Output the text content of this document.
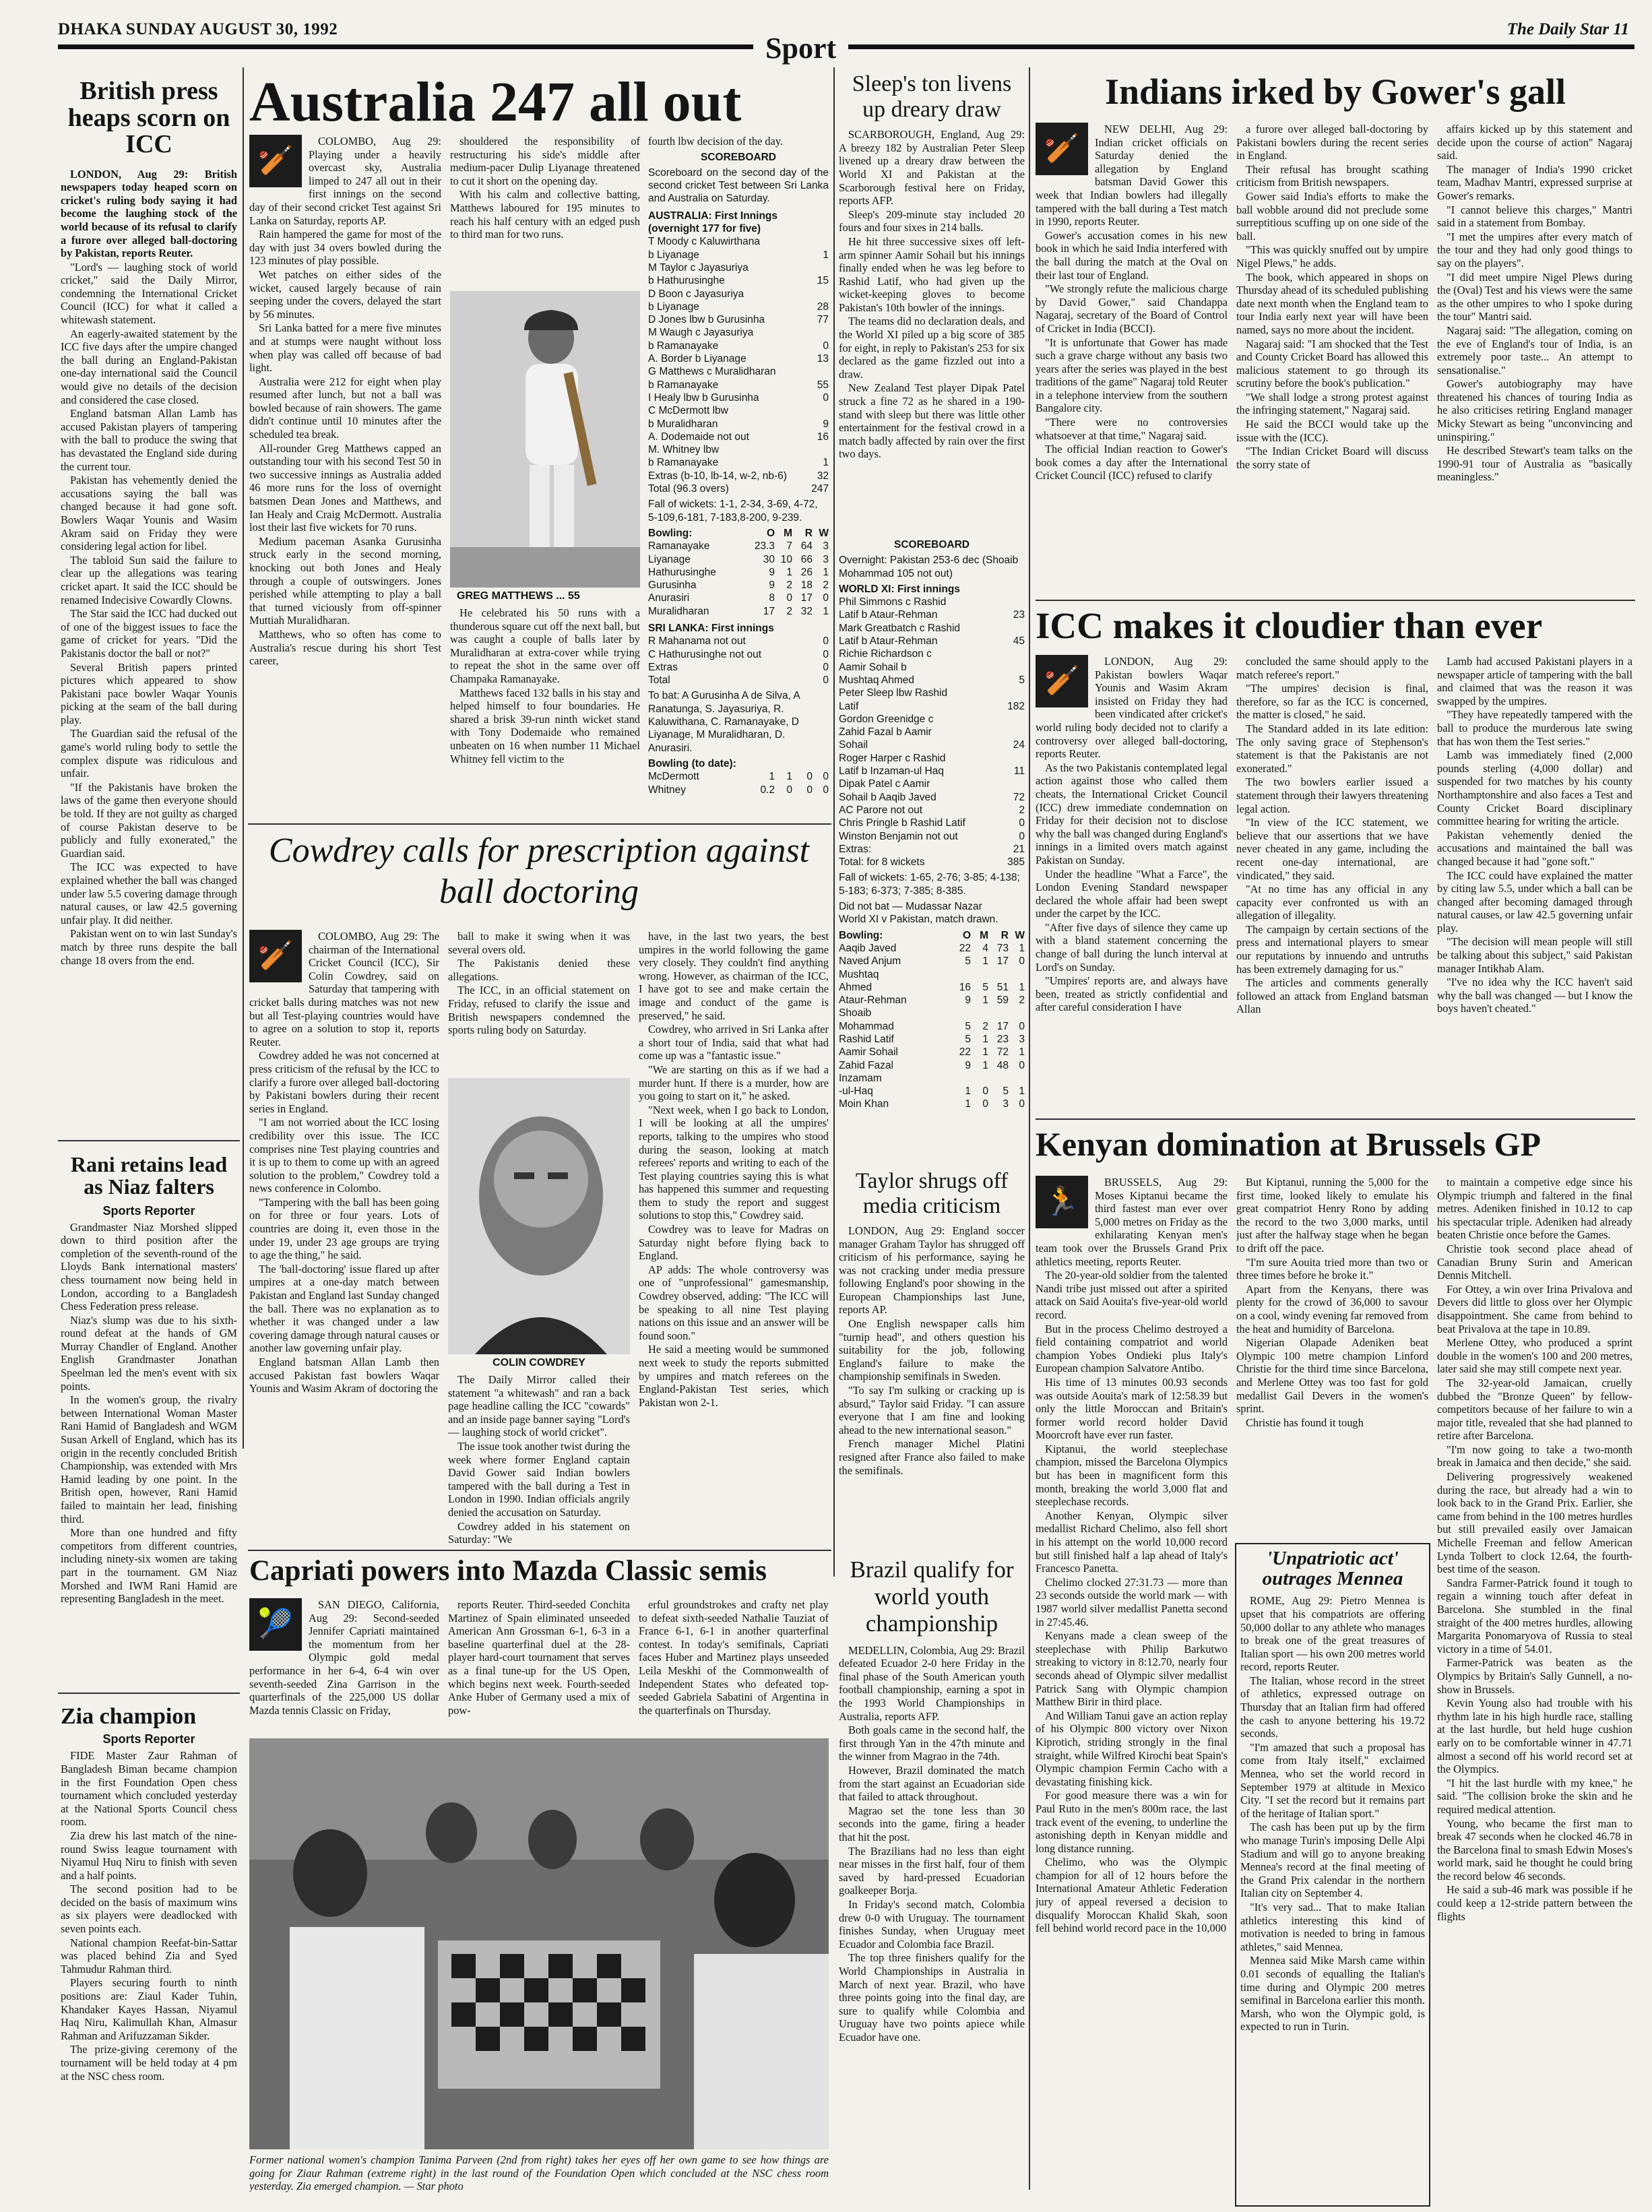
DHAKA SUNDAY AUGUST 30, 1992	The Daily Star 11
Sport
British press heaps scorn on ICC

LONDON, Aug 29: British newspapers today heaped scorn on cricket's ruling body saying it had become the laughing stock of the world because of its refusal to clarify a furore over alleged ball-doctoring by Pakistan, reports Reuter.

"Lord's — laughing stock of world cricket," said the Daily Mirror, condemning the International Cricket Council (ICC) for what it called a whitewash statement.

An eagerly-awaited statement by the ICC five days after the umpire changed the ball during an England-Pakistan one-day international said the Council would give no details of the decision and considered the case closed.

England batsman Allan Lamb has accused Pakistan players of tampering with the ball to produce the swing that has devastated the England side during the current tour.

Pakistan has vehemently denied the accusations saying the ball was changed because it had gone soft. Bowlers Waqar Younis and Wasim Akram said on Friday they were considering legal action for libel.

The tabloid Sun said the failure to clear up the allegations was tearing cricket apart. It said the ICC should be renamed Indecisive Cowardly Clowns.

The Star said the ICC had ducked out of one of the biggest issues to face the game of cricket for years. "Did the Pakistanis doctor the ball or not?"

Several British papers printed pictures which appeared to show Pakistani pace bowler Waqar Younis picking at the seam of the ball during play.

The Guardian said the refusal of the game's world ruling body to settle the complex dispute was ridiculous and unfair.

"If the Pakistanis have broken the laws of the game then everyone should be told. If they are not guilty as charged of course Pakistan deserve to be publicly and fully exonerated," the Guardian said.

The ICC was expected to have explained whether the ball was changed under law 5.5 covering damage through natural causes, or law 42.5 governing unfair play. It did neither.

Pakistan went on to win last Sunday's match by three runs despite the ball change 18 overs from the end.

Rani retains lead as Niaz falters
Sports Reporter

Grandmaster Niaz Morshed slipped down to third position after the completion of the seventh-round of the Lloyds Bank international masters' chess tournament now being held in London, according to a Bangladesh Chess Federation press release.

Niaz's slump was due to his sixth-round defeat at the hands of GM Murray Chandler of England. Another English Grandmaster Jonathan Speelman led the men's event with six points.

In the women's group, the rivalry between International Woman Master Rani Hamid of Bangladesh and WGM Susan Arkell of England, which has its origin in the recently concluded British Championship, was extended with Mrs Hamid leading by one point. In the British open, however, Rani Hamid failed to maintain her lead, finishing third.

More than one hundred and fifty competitors from different countries, including ninety-six women are taking part in the tournament. GM Niaz Morshed and IWM Rani Hamid are representing Bangladesh in the meet.

Zia champion
Sports Reporter

FIDE Master Zaur Rahman of Bangladesh Biman became champion in the first Foundation Open chess tournament which concluded yesterday at the National Sports Council chess room.

Zia drew his last match of the nine-round Swiss league tournament with Niyamul Huq Niru to finish with seven and a half points.

The second position had to be decided on the basis of maximum wins as six players were deadlocked with seven points each.

National champion Reefat-bin-Sattar was placed behind Zia and Syed Tahmudur Rahman third.

Players securing fourth to ninth positions are: Ziaul Kader Tuhin, Khandaker Kayes Hassan, Niyamul Haq Niru, Kalimullah Khan, Almasur Rahman and Arifuzzaman Sikder.

The prize-giving ceremony of the tournament will be held today at 4 pm at the NSC chess room.

Australia 247 all out
🏏

COLOMBO, Aug 29: Playing under a heavily overcast sky, Australia limped to 247 all out in their first innings on the second day of their second cricket Test against Sri Lanka on Saturday, reports AP.

Rain hampered the game for most of the day with just 34 overs bowled during the 123 minutes of play possible.

Wet patches on either sides of the wicket, caused largely because of rain seeping under the covers, delayed the start by 56 minutes.

Sri Lanka batted for a mere five minutes and at stumps were naught without loss when play was called off because of bad light.

Australia were 212 for eight when play resumed after lunch, but not a ball was bowled because of rain showers. The game didn't continue until 10 minutes after the scheduled tea break.

All-rounder Greg Matthews capped an outstanding tour with his second Test 50 in two successive innings as Australia added 46 more runs for the loss of overnight batsmen Dean Jones and Matthews, and Ian Healy and Craig McDermott. Australia lost their last five wickets for 70 runs.

Medium paceman Asanka Gurusinha struck early in the second morning, knocking out both Jones and Healy through a couple of outswingers. Jones perished while attempting to play a ball that turned viciously from off-spinner Muttiah Muralidharan.

Matthews, who so often has come to Australia's rescue during his short Test career,

shouldered the responsibility of restructuring his side's middle after medium-pacer Dulip Liyanage threatened to cut it short on the opening day.

With his calm and collective batting, Matthews laboured for 195 minutes to reach his half century with an edged push to third man for two runs.

GREG MATTHEWS ... 55

He celebrated his 50 runs with a thunderous square cut off the next ball, but was caught a couple of balls later by Muralidharan at extra-cover while trying to repeat the shot in the same over off Champaka Ramanayake.

Matthews faced 132 balls in his stay and helped himself to four boundaries. He shared a brisk 39-run ninth wicket stand with Tony Dodemaide who remained unbeaten on 16 when number 11 Michael Whitney fell victim to the

fourth lbw decision of the day.
SCOREBOARD
Scoreboard on the second day of the second cricket Test between Sri Lanka and Australia on Saturday.
AUSTRALIA: First Innings (overnight 177 for five)
T Moody c Kaluwirthana
b Liyanage	1
M Taylor c Jayasuriya
b Hathurusinghe	15
D Boon c Jayasuriya
b Liyanage	28
D Jones lbw b Gurusinha	77
M Waugh c Jayasuriya
b Ramanayake	0
A. Border b Liyanage	13
G Matthews c Muralidharan
b Ramanayake	55
I Healy lbw b Gurusinha	0
C McDermott lbw
b Muralidharan	9
A. Dodemaide not out	16
M. Whitney lbw
b Ramanayake	1
Extras (b-10, lb-14, w-2, nb-6)	32
Total (96.3 overs)	247
Fall of wickets: 1-1, 2-34, 3-69, 4-72, 5-109,6-181, 7-183,8-200, 9-239.
Bowling:	O M	R W
Ramanayake	23.3	7 64 3
Liyanage	30 10 66 3
Hathurusinghe	9	1 26 1
Gurusinha	9	2 18 2
Anurasiri	8	0 17 0
Muralidharan	17	2 32 1
SRI LANKA: First innings
R Mahanama not out	0
C Hathurusinghe not out	0
Extras	0
Total	0
To bat: A Gurusinha A de Silva, A Ranatunga, S. Jayasuriya, R. Kaluwithana, C. Ramanayake, D Liyanage, M Muralidharan, D. Anurasiri.
Bowling (to date):
McDermott	1	1	0 0
Whitney	0.2	0	0 0
Cowdrey calls for prescription against ball doctoring
🏏

COLOMBO, Aug 29: The chairman of the International Cricket Council (ICC), Sir Colin Cowdrey, said on Saturday that tampering with cricket balls during matches was not new but all Test-playing countries would have to agree on a solution to stop it, reports Reuter.

Cowdrey added he was not concerned at press criticism of the refusal by the ICC to clarify a furore over alleged ball-doctoring by Pakistani bowlers during their recent series in England.

"I am not worried about the ICC losing credibility over this issue. The ICC comprises nine Test playing countries and it is up to them to come up with an agreed solution to the problem," Cowdrey told a news conference in Colombo.

"Tampering with the ball has been going on for three or four years. Lots of countries are doing it, even those in the under 19, under 23 age groups are trying to age the thing," he said.

The 'ball-doctoring' issue flared up after umpires at a one-day match between Pakistan and England last Sunday changed the ball. There was no explanation as to whether it was changed under a law covering damage through natural causes or another law governing unfair play.

England batsman Allan Lamb then accused Pakistan fast bowlers Waqar Younis and Wasim Akram of doctoring the

ball to make it swing when it was several overs old.

The Pakistanis denied these allegations.

The ICC, in an official statement on Friday, refused to clarify the issue and British newspapers condemned the sports ruling body on Saturday.

COLIN COWDREY

The Daily Mirror called their statement "a whitewash" and ran a back page headline calling the ICC "cowards" and an inside page banner saying "Lord's — laughing stock of world cricket".

The issue took another twist during the week where former England captain David Gower said Indian bowlers tampered with the ball during a Test in London in 1990. Indian officials angrily denied the accusation on Saturday.

Cowdrey added in his statement on Saturday: "We

have, in the last two years, the best umpires in the world following the game very closely. They couldn't find anything wrong. However, as chairman of the ICC, I have got to see and make certain the image and conduct of the game is preserved," he said.

Cowdrey, who arrived in Sri Lanka after a short tour of India, said that what had come up was a "fantastic issue."

"We are starting on this as if we had a murder hunt. If there is a murder, how are you going to start on it," he asked.

"Next week, when I go back to London, I will be looking at all the umpires' reports, talking to the umpires who stood during the season, looking at match referees' reports and writing to each of the Test playing countries saying this is what has happened this summer and requesting them to study the report and suggest solutions to stop this," Cowdrey said.

Cowdrey was to leave for Madras on Saturday night before flying back to England.

AP adds: The whole controversy was one of "unprofessional" gamesmanship, Cowdrey observed, adding: "The ICC will be speaking to all nine Test playing nations on this issue and an answer will be found soon."

He said a meeting would be summoned next week to study the reports submitted by umpires and match referees on the England-Pakistan Test series, which Pakistan won 2-1.

Sleep's ton livens up dreary draw

SCARBOROUGH, England, Aug 29: A breezy 182 by Australian Peter Sleep livened up a dreary draw between the World XI and Pakistan at the Scarborough festival here on Friday, reports AFP.

Sleep's 209-minute stay included 20 fours and four sixes in 214 balls.

He hit three successive sixes off left-arm spinner Aamir Sohail but his innings finally ended when he was leg before to Rashid Latif, who had given up the wicket-keeping gloves to become Pakistan's 10th bowler of the innings.

The teams did no declaration deals, and the World XI piled up a big score of 385 for eight, in reply to Pakistan's 253 for six declared as the game fizzled out into a draw.

New Zealand Test player Dipak Patel struck a fine 72 as he shared in a 190-stand with sleep but there was little other entertainment for the festival crowd in a match badly affected by rain over the first two days.

SCOREBOARD
Overnight: Pakistan 253-6 dec (Shoaib Mohammad 105 not out)
WORLD XI: First innings
Phil Simmons c Rashid
Latif b Ataur-Rehman	23
Mark Greatbatch c Rashid
Latif b Ataur-Rehman	45
Richie Richardson c
Aamir Sohail b
Mushtaq Ahmed	5
Peter Sleep lbw Rashid
Latif	182
Gordon Greenidge c
Zahid Fazal b Aamir
Sohail	24
Roger Harper c Rashid
Latif b Inzaman-ul Haq	11
Dipak Patel c Aamir
Sohail b Aaqib Javed	72
AC Parore not out	2
Chris Pringle b Rashid Latif	0
Winston Benjamin not out	0
Extras:	21
Total: for 8 wickets	385
Fall of wickets: 1-65, 2-76; 3-85; 4-138; 5-183; 6-373; 7-385; 8-385.
Did not bat — Mudassar Nazar
World XI v Pakistan, match drawn.
Bowling:	O M	R W
Aaqib Javed	22	4 73 1
Naved Anjum	5	1 17 0
Mushtaq
Ahmed	16	5 51 1
Ataur-Rehman	9	1 59 2
Shoaib
Mohammad	5	2 17 0
Rashid Latif	5	1 23 3
Aamir Sohail	22	1 72 1
Zahid Fazal	9	1 48 0
Inzamam
-ul-Haq	1	0	5 1
Moin Khan	1	0	3 0
Taylor shrugs off media criticism

LONDON, Aug 29: England soccer manager Graham Taylor has shrugged off criticism of his performance, saying he was not cracking under media pressure following England's poor showing in the European Championships last June, reports AP.

One English newspaper calls him "turnip head", and others question his suitability for the job, following England's failure to make the championship semifinals in Sweden.

"To say I'm sulking or cracking up is absurd," Taylor said Friday. "I can assure everyone that I am fine and looking ahead to the new international season."

French manager Michel Platini resigned after France also failed to make the semifinals.

Capriati powers into Mazda Classic semis
🎾

SAN DIEGO, California, Aug 29: Second-seeded Jennifer Capriati maintained the momentum from her Olympic gold medal performance in her 6-4, 6-4 win over seventh-seeded Zina Garrison in the quarterfinals of the 225,000 US dollar Mazda tennis Classic on Friday,

reports Reuter. Third-seeded Conchita Martinez of Spain eliminated unseeded American Ann Grossman 6-1, 6-3 in a baseline quarterfinal duel at the 28-player hard-court tournament that serves as a final tune-up for the US Open, which begins next week. Fourth-seeded Anke Huber of Germany used a mix of pow-

erful groundstrokes and crafty net play to defeat sixth-seeded Nathalie Tauziat of France 6-1, 6-1 in another quarterfinal contest. In today's semifinals, Capriati faces Huber and Martinez plays unseeded Leila Meskhi of the Commonwealth of Independent States who defeated top-seeded Gabriela Sabatini of Argentina in the quarterfinals on Thursday.

Former national women's champion Tanima Parveen (2nd from right) takes her eyes off her own game to see how things are going for Ziaur Rahman (extreme right) in the last round of the Foundation Open which concluded at the NSC chess room yesterday. Zia emerged champion. — Star photo
Brazil qualify for world youth championship

MEDELLIN, Colombia, Aug 29: Brazil defeated Ecuador 2-0 here Friday in the final phase of the South American youth football championship, earning a spot in the 1993 World Championships in Australia, reports AFP.

Both goals came in the second half, the first through Yan in the 47th minute and the winner from Magrao in the 74th.

However, Brazil dominated the match from the start against an Ecuadorian side that failed to attack throughout.

Magrao set the tone less than 30 seconds into the game, firing a header that hit the post.

The Brazilians had no less than eight near misses in the first half, four of them saved by hard-pressed Ecuadorian goalkeeper Borja.

In Friday's second match, Colombia drew 0-0 with Uruguay. The tournament finishes Sunday, when Uruguay meet Ecuador and Colombia face Brazil.

The top three finishers qualify for the World Championships in Australia in March of next year. Brazil, who have three points going into the final day, are sure to qualify while Colombia and Uruguay have two points apiece while Ecuador have one.

Indians irked by Gower's gall
🏏

NEW DELHI, Aug 29: Indian cricket officials on Saturday denied the allegation by England batsman David Gower this week that Indian bowlers had illegally tampered with the ball during a Test match in 1990, reports Reuter.

Gower's accusation comes in his new book in which he said India interfered with the ball during the match at the Oval on their last tour of England.

"We strongly refute the malicious charge by David Gower," said Chandappa Nagaraj, secretary of the Board of Control of Cricket in India (BCCI).

"It is unfortunate that Gower has made such a grave charge without any basis two years after the series was played in the best traditions of the game" Nagaraj told Reuter in a telephone interview from the southern Bangalore city.

"There were no controversies whatsoever at that time," Nagaraj said.

The official Indian reaction to Gower's book comes a day after the International Cricket Council (ICC) refused to clarify

a furore over alleged ball-doctoring by Pakistani bowlers during the recent series in England.

Their refusal has brought scathing criticism from British newspapers.

Gower said India's efforts to make the ball wobble around did not preclude some surreptitious scuffing up on one side of the ball.

"This was quickly snuffed out by umpire Nigel Plews," he adds.

The book, which appeared in shops on Thursday ahead of its scheduled publishing date next month when the England team to tour India early next year will have been named, says no more about the incident.

Nagaraj said: "I am shocked that the Test and County Cricket Board has allowed this malicious statement to go through its scrutiny before the book's publication."

"We shall lodge a strong protest against the infringing statement," Nagaraj said.

He said the BCCI would take up the issue with the (ICC).

"The Indian Cricket Board will discuss the sorry state of

affairs kicked up by this statement and decide upon the course of action" Nagaraj said.

The manager of India's 1990 cricket team, Madhav Mantri, expressed surprise at Gower's remarks.

"I cannot believe this charges," Mantri said in a statement from Bombay.

"I met the umpires after every match of the tour and they had only good things to say on the players".

"I did meet umpire Nigel Plews during the (Oval) Test and his views were the same as the other umpires to who I spoke during the tour" Mantri said.

Nagaraj said: "The allegation, coming on the eve of England's tour of India, is an extremely poor taste... An attempt to sensationalise."

Gower's autobiography may have threatened his chances of touring India as he also criticises retiring England manager Micky Stewart as being "unconvincing and uninspiring."

He described Stewart's team talks on the 1990-91 tour of Australia as "basically meaningless."

ICC makes it cloudier than ever
🏏

LONDON, Aug 29: Pakistan bowlers Waqar Younis and Wasim Akram insisted on Friday they had been vindicated after cricket's world ruling body decided not to clarify a controversy over alleged ball-doctoring, reports Reuter.

As the two Pakistanis contemplated legal action against those who called them cheats, the International Cricket Council (ICC) drew immediate condemnation on Friday for their decision not to disclose why the ball was changed during England's innings in a limited overs match against Pakistan on Sunday.

Under the headline "What a Farce", the London Evening Standard newspaper declared the whole affair had been swept under the carpet by the ICC.

"After five days of silence they came up with a bland statement concerning the change of ball during the lunch interval at Lord's on Sunday.

"Umpires' reports are, and always have been, treated as strictly confidential and after careful consideration I have

concluded the same should apply to the match referee's report."

"The umpires' decision is final, therefore, so far as the ICC is concerned, the matter is closed," he said.

The Standard added in its late edition: The only saving grace of Stephenson's statement is that the Pakistanis are not exonerated."

The two bowlers earlier issued a statement through their lawyers threatening legal action.

"In view of the ICC statement, we believe that our assertions that we have never cheated in any game, including the recent one-day international, are vindicated," they said.

"At no time has any official in any capacity ever confronted us with an allegation of illegality.

The campaign by certain sections of the press and international players to smear our reputations by innuendo and untruths has been extremely damaging for us."

The articles and comments generally followed an attack from England batsman Allan

Lamb had accused Pakistani players in a newspaper article of tampering with the ball and claimed that was the reason it was swapped by the umpires.

"They have repeatedly tampered with the ball to produce the murderous late swing that has won them the Test series."

Lamb was immediately fined (2,000 pounds sterling (4,000 dollar) and suspended for two matches by his county Northamptonshire and also faces a Test and County Cricket Board disciplinary committee hearing for writing the article.

Pakistan vehemently denied the accusations and maintained the ball was changed because it had "gone soft."

The ICC could have explained the matter by citing law 5.5, under which a ball can be changed after becoming damaged through natural causes, or law 42.5 governing unfair play.

"The decision will mean people will still be talking about this subject," said Pakistan manager Intikhab Alam.

"I've no idea why the ICC haven't said why the ball was changed — but I know the boys haven't cheated."

Kenyan domination at Brussels GP
🏃

BRUSSELS, Aug 29: Moses Kiptanui became the third fastest man ever over 5,000 metres on Friday as the exhilarating Kenyan men's team took over the Brussels Grand Prix athletics meeting, reports Reuter.

The 20-year-old soldier from the talented Nandi tribe just missed out after a spirited attack on Said Aouita's five-year-old world record.

But in the process Chelimo destroyed a field containing compatriot and world champion Yobes Ondieki plus Italy's European champion Salvatore Antibo.

His time of 13 minutes 00.93 seconds was outside Aouita's mark of 12:58.39 but only the little Moroccan and Britain's former world record holder David Moorcroft have ever run faster.

Kiptanui, the world steeplechase champion, missed the Barcelona Olympics but has been in magnificent form this month, breaking the world 3,000 flat and steeplechase records.

Another Kenyan, Olympic silver medallist Richard Chelimo, also fell short in his attempt on the world 10,000 record but still finished half a lap ahead of Italy's Francesco Panetta.

Chelimo clocked 27:31.73 — more than 23 seconds outside the world mark — with 1987 world silver medallist Panetta second in 27:45.46.

Kenyans made a clean sweep of the steeplechase with Philip Barkutwo streaking to victory in 8:12.70, nearly four seconds ahead of Olympic silver medallist Patrick Sang with Olympic champion Matthew Birir in third place.

And William Tanui gave an action replay of his Olympic 800 victory over Nixon Kiprotich, striding strongly in the final straight, while Wilfred Kirochi beat Spain's Olympic champion Fermin Cacho with a devastating finishing kick.

For good measure there was a win for Paul Ruto in the men's 800m race, the last track event of the evening, to underline the astonishing depth in Kenyan middle and long distance running.

Chelimo, who was the Olympic champion for all of 12 hours before the International Amateur Athletic Federation jury of appeal reversed a decision to disqualify Moroccan Khalid Skah, soon fell behind world record pace in the 10,000

But Kiptanui, running the 5,000 for the first time, looked likely to emulate his great compatriot Henry Rono by adding the record to the two 3,000 marks, until just after the halfway stage when he began to drift off the pace.

"I'm sure Aouita tried more than two or three times before he broke it."

Apart from the Kenyans, there was plenty for the crowd of 36,000 to savour on a cool, windy evening far removed from the heat and humidity of Barcelona.

Nigerian Olapade Adeniken beat Olympic 100 metre champion Linford Christie for the third time since Barcelona, and Merlene Ottey was too fast for gold medallist Gail Devers in the women's sprint.

Christie has found it tough

'Unpatriotic act' outrages Mennea

ROME, Aug 29: Pietro Mennea is upset that his compatriots are offering 50,000 dollar to any athlete who manages to break one of the great treasures of Italian sport — his own 200 metres world record, reports Reuter.

The Italian, whose record in the street of athletics, expressed outrage on Thursday that an Italian firm had offered the cash to anyone bettering his 19.72 seconds.

"I'm amazed that such a proposal has come from Italy itself," exclaimed Mennea, who set the world record in September 1979 at altitude in Mexico City. "I set the record but it remains part of the heritage of Italian sport."

The cash has been put up by the firm who manage Turin's imposing Delle Alpi Stadium and will go to anyone breaking Mennea's record at the final meeting of the Grand Prix calendar in the northern Italian city on September 4.

"It's very sad... That to make Italian athletics interesting this kind of motivation is needed to bring in famous athletes," said Mennea.

Mennea said Mike Marsh came within 0.01 seconds of equalling the Italian's time during and Olympic 200 metres semifinal in Barcelona earlier this month. Marsh, who won the Olympic gold, is expected to run in Turin.

to maintain a competive edge since his Olympic triumph and faltered in the final metres. Adeniken finished in 10.12 to cap his spectacular triple. Adeniken had already beaten Christie once before the Games.

Christie took second place ahead of Canadian Bruny Surin and American Dennis Mitchell.

For Ottey, a win over Irina Privalova and Devers did little to gloss over her Olympic disappointment. She came from behind to beat Privalova at the tape in 10.89.

Merlene Ottey, who produced a sprint double in the women's 100 and 200 metres, later said she may still compete next year.

The 32-year-old Jamaican, cruelly dubbed the "Bronze Queen" by fellow-competitors because of her failure to win a major title, revealed that she had planned to retire after Barcelona.

"I'm now going to take a two-month break in Jamaica and then decide," she said.

Delivering progressively weakened during the race, but already had a win to look back to in the Grand Prix. Earlier, she came from behind in the 100 metres hurdles but still prevailed easily over Jamaican Michelle Freeman and fellow American Lynda Tolbert to clock 12.64, the fourth-best time of the season.

Sandra Farmer-Patrick found it tough to regain a winning touch after defeat in Barcelona. She stumbled in the final straight of the 400 metres hurdles, allowing Margarita Ponomaryova of Russia to steal victory in a time of 54.01.

Farmer-Patrick was beaten as the Olympics by Britain's Sally Gunnell, a no-show in Brussels.

Kevin Young also had trouble with his rhythm late in his high hurdle race, stalling at the last hurdle, but held huge cushion early on to be comfortable winner in 47.71 almost a second off his world record set at the Olympics.

"I hit the last hurdle with my knee," he said. "The collision broke the skin and he required medical attention.

Young, who became the first man to break 47 seconds when he clocked 46.78 in the Barcelona final to smash Edwin Moses's world mark, said he thought he could bring the record below 46 seconds.

He said a sub-46 mark was possible if he could keep a 12-stride pattern between the flights
